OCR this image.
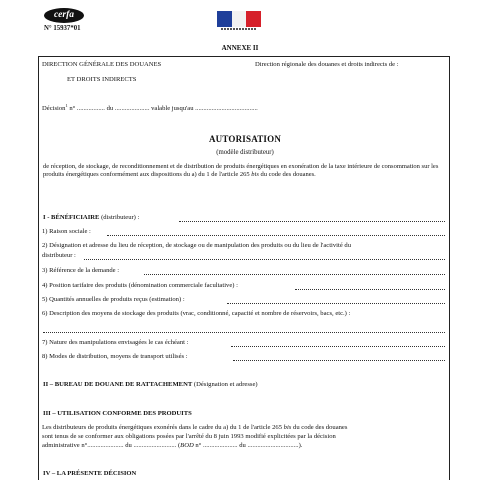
cerfa
N° 15937*01
ANNEXE II
DIRECTION GÉNÉRALE DES DOUANES
ET DROITS INDIRECTS
Direction régionale des douanes et droits indirects de :
Décision$^1$ n° ................. du ..................... valable jusqu'au ......................................
AUTORISATION
(modèle distributeur)
de réception, de stockage, de reconditionnement et de distribution de produits énergétiques en exonération de la taxe intérieure de consommation sur les produits énergétiques conformément aux dispositions du a) du 1 de l'article 265 bis du code des douanes.
I - BÉNÉFICIAIRE (distributeur) :
1) Raison sociale :
2) Désignation et adresse du lieu de réception, de stockage ou de manipulation des produits ou du lieu de l'activité du
distributeur :
3) Référence de la demande :
4) Position tarifaire des produits (dénomination commerciale facultative) :
5) Quantités annuelles de produits reçus (estimation) :
6) Description des moyens de stockage des produits (vrac, conditionné, capacité et nombre de réservoirs, bacs, etc.) :
7) Nature des manipulations envisagées le cas échéant :
8) Modes de distribution, moyens de transport utilisés :
II – BUREAU DE DOUANE DE RATTACHEMENT (Désignation et adresse)
III – UTILISATION CONFORME DES PRODUITS
Les distributeurs de produits énergétiques exonérés dans le cadre du a) du 1 de l'article 265 bis du code des douanes
sont tenus de se conformer aux obligations posées par l'arrêté du 8 juin 1993 modifié explicitées par la décision
administrative n°...................... du .......................... (BOD n° ..................... du ...............................).
IV – LA PRÉSENTE DÉCISION
